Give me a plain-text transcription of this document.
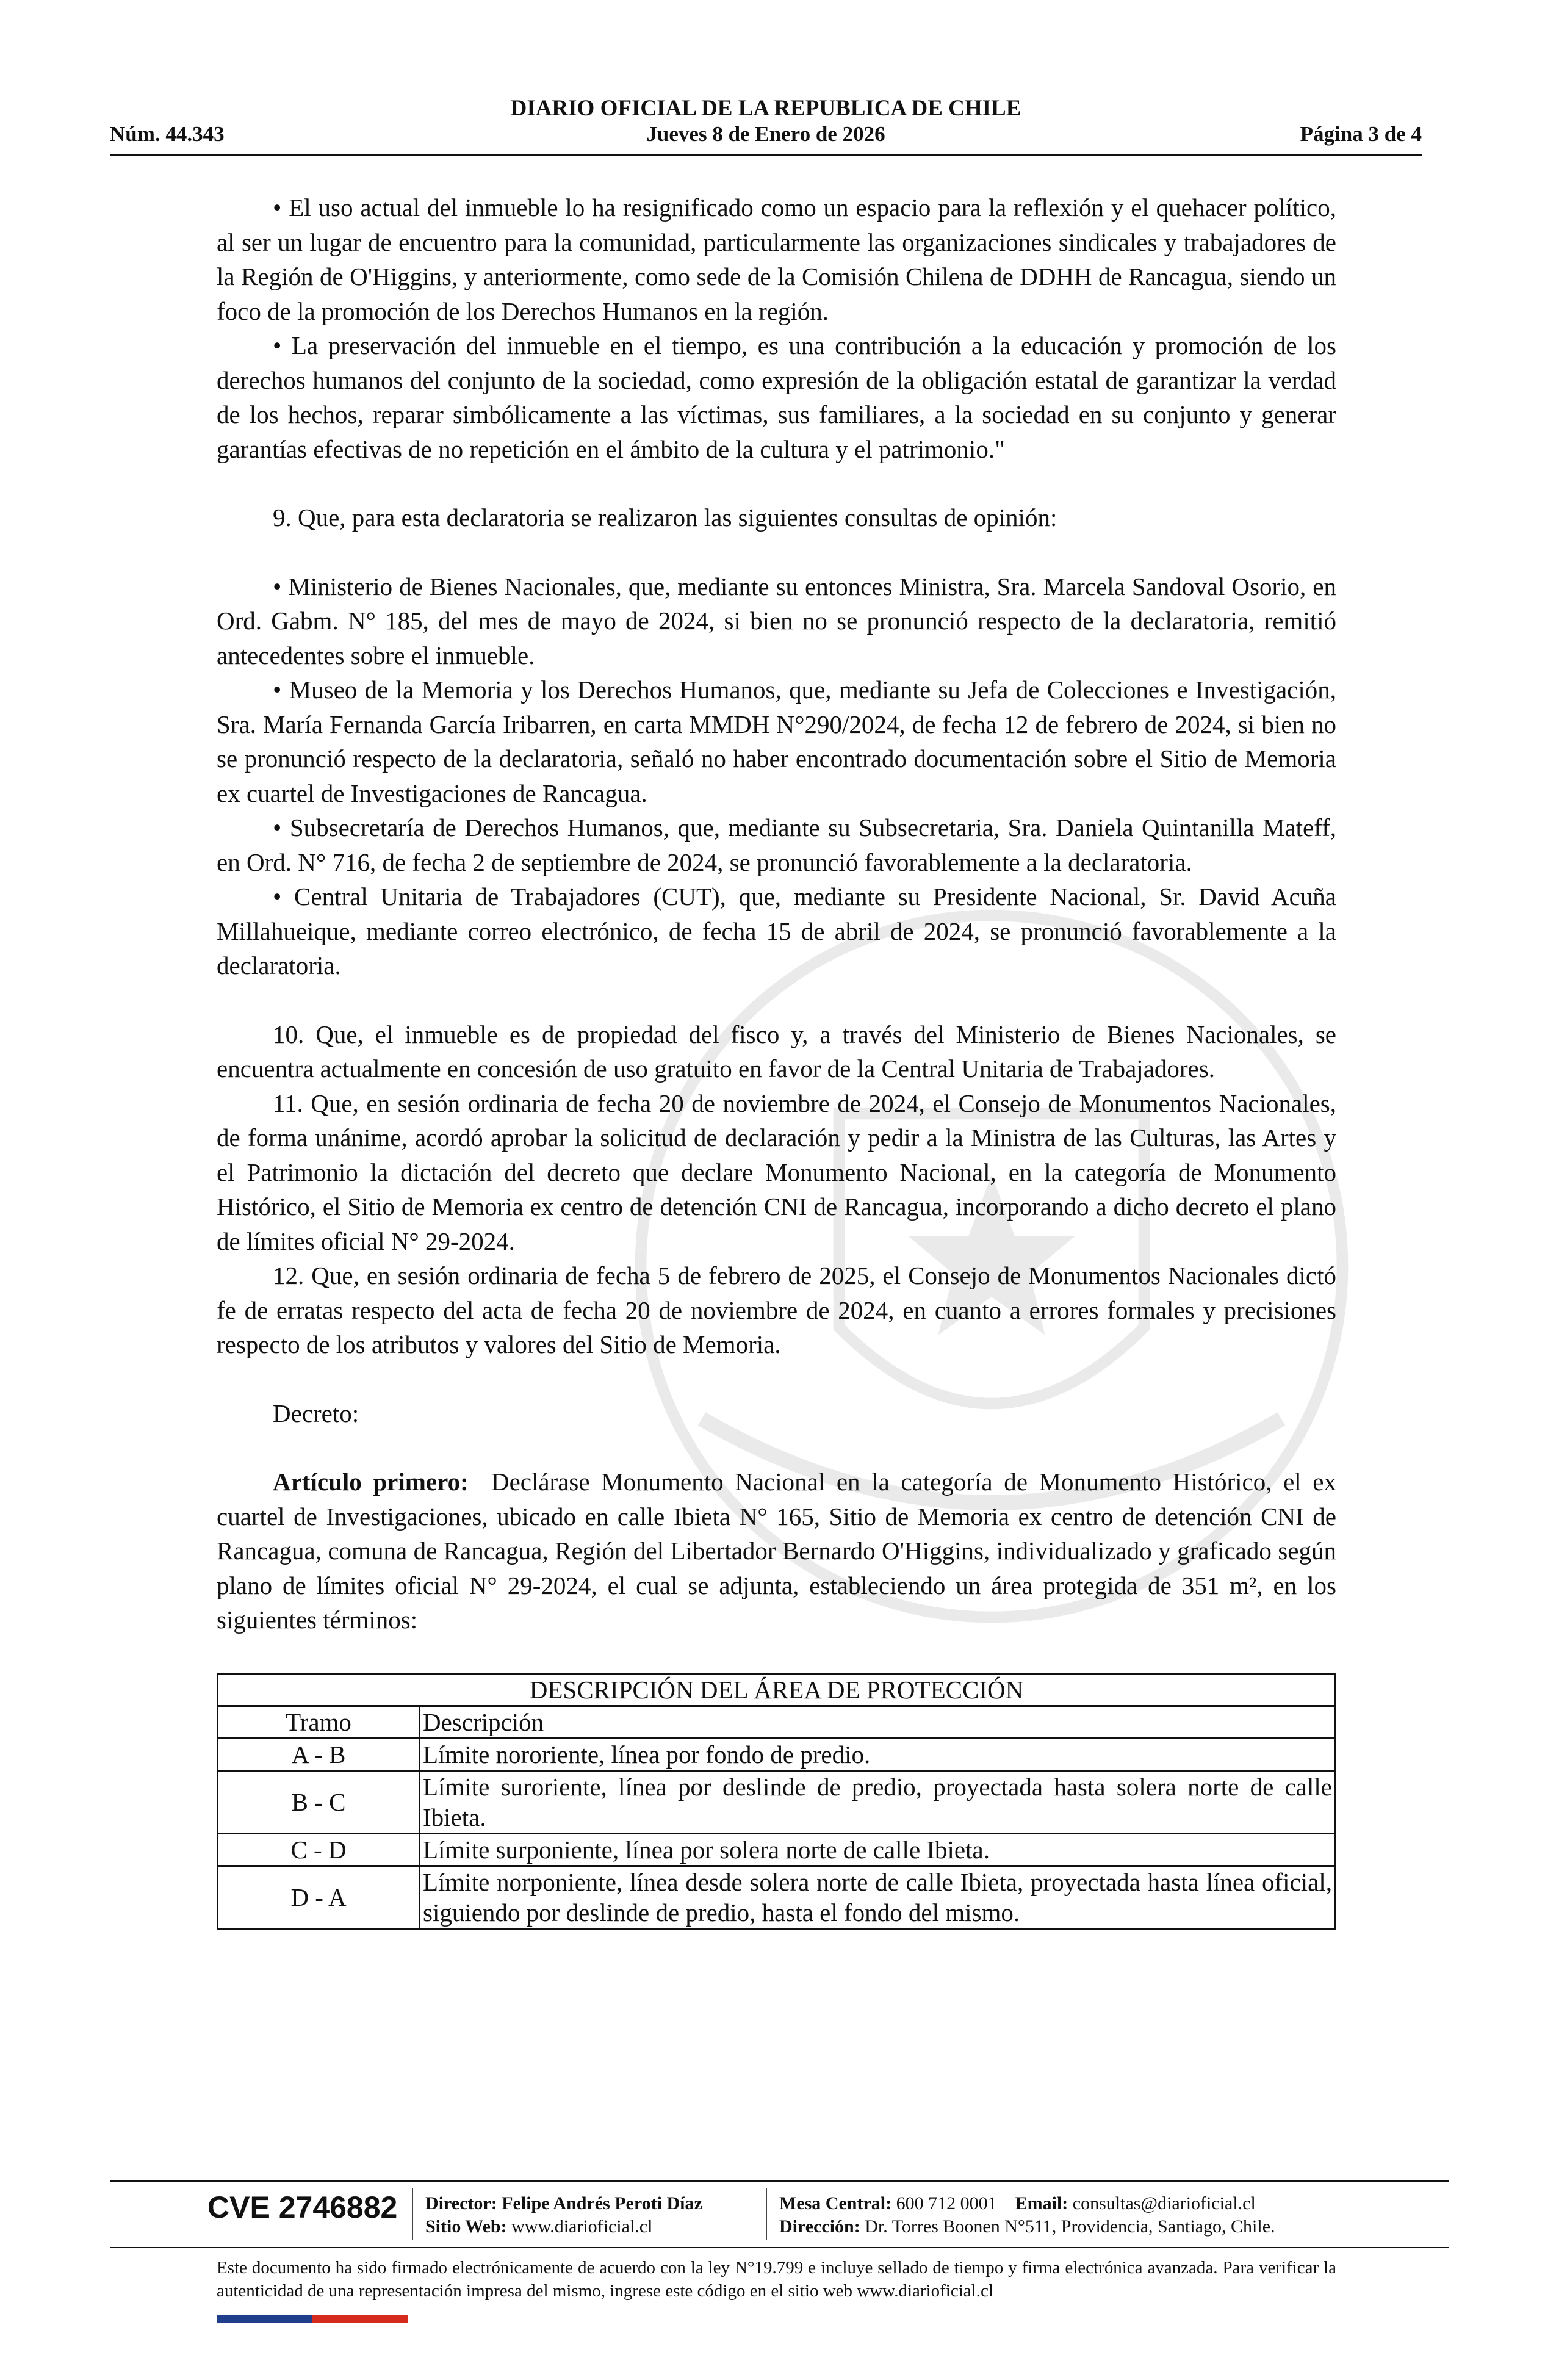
DIARIO OFICIAL DE LA REPUBLICA DE CHILE
Núm. 44.343	Jueves 8 de Enero de 2026	Página 3 de 4

• El uso actual del inmueble lo ha resignificado como un espacio para la reflexión y el quehacer político, al ser un lugar de encuentro para la comunidad, particularmente las organizaciones sindicales y trabajadores de la Región de O'Higgins, y anteriormente, como sede de la Comisión Chilena de DDHH de Rancagua, siendo un foco de la promoción de los Derechos Humanos en la región.

• La preservación del inmueble en el tiempo, es una contribución a la educación y promoción de los derechos humanos del conjunto de la sociedad, como expresión de la obligación estatal de garantizar la verdad de los hechos, reparar simbólicamente a las víctimas, sus familiares, a la sociedad en su conjunto y generar garantías efectivas de no repetición en el ámbito de la cultura y el patrimonio."

9. Que, para esta declaratoria se realizaron las siguientes consultas de opinión:

• Ministerio de Bienes Nacionales, que, mediante su entonces Ministra, Sra. Marcela Sandoval Osorio, en Ord. Gabm. N° 185, del mes de mayo de 2024, si bien no se pronunció respecto de la declaratoria, remitió antecedentes sobre el inmueble.

• Museo de la Memoria y los Derechos Humanos, que, mediante su Jefa de Colecciones e Investigación, Sra. María Fernanda García Iribarren, en carta MMDH N°290/2024, de fecha 12 de febrero de 2024, si bien no se pronunció respecto de la declaratoria, señaló no haber encontrado documentación sobre el Sitio de Memoria ex cuartel de Investigaciones de Rancagua.

• Subsecretaría de Derechos Humanos, que, mediante su Subsecretaria, Sra. Daniela Quintanilla Mateff, en Ord. N° 716, de fecha 2 de septiembre de 2024, se pronunció favorablemente a la declaratoria.

• Central Unitaria de Trabajadores (CUT), que, mediante su Presidente Nacional, Sr. David Acuña Millahueique, mediante correo electrónico, de fecha 15 de abril de 2024, se pronunció favorablemente a la declaratoria.

10. Que, el inmueble es de propiedad del fisco y, a través del Ministerio de Bienes Nacionales, se encuentra actualmente en concesión de uso gratuito en favor de la Central Unitaria de Trabajadores.

11. Que, en sesión ordinaria de fecha 20 de noviembre de 2024, el Consejo de Monumentos Nacionales, de forma unánime, acordó aprobar la solicitud de declaración y pedir a la Ministra de las Culturas, las Artes y el Patrimonio la dictación del decreto que declare Monumento Nacional, en la categoría de Monumento Histórico, el Sitio de Memoria ex centro de detención CNI de Rancagua, incorporando a dicho decreto el plano de límites oficial N° 29-2024.

12. Que, en sesión ordinaria de fecha 5 de febrero de 2025, el Consejo de Monumentos Nacionales dictó fe de erratas respecto del acta de fecha 20 de noviembre de 2024, en cuanto a errores formales y precisiones respecto de los atributos y valores del Sitio de Memoria.

Decreto:

Artículo primero: Declárase Monumento Nacional en la categoría de Monumento Histórico, el ex cuartel de Investigaciones, ubicado en calle Ibieta N° 165, Sitio de Memoria ex centro de detención CNI de Rancagua, comuna de Rancagua, Región del Libertador Bernardo O'Higgins, individualizado y graficado según plano de límites oficial N° 29-2024, el cual se adjunta, estableciendo un área protegida de 351 m², en los siguientes términos:

DESCRIPCIÓN DEL ÁREA DE PROTECCIÓN	
Tramo	Descripción
A - B	Límite nororiente, línea por fondo de predio.
B - C	Límite suroriente, línea por deslinde de predio, proyectada hasta solera norte de calle Ibieta.
C - D	Límite surponiente, línea por solera norte de calle Ibieta.
D - A	Límite norponiente, línea desde solera norte de calle Ibieta, proyectada hasta línea oficial, siguiendo por deslinde de predio, hasta el fondo del mismo.
CVE 2746882 Director: Felipe Andrés Peroti Díaz
Sitio Web: www.diarioficial.cl
Mesa Central: 600 712 0001 Email: consultas@diarioficial.cl
Dirección: Dr. Torres Boonen N°511, Providencia, Santiago, Chile.
Este documento ha sido firmado electrónicamente de acuerdo con la ley N°19.799 e incluye sellado de tiempo y firma electrónica avanzada. Para verificar la autenticidad de una representación impresa del mismo, ingrese este código en el sitio web www.diarioficial.cl
